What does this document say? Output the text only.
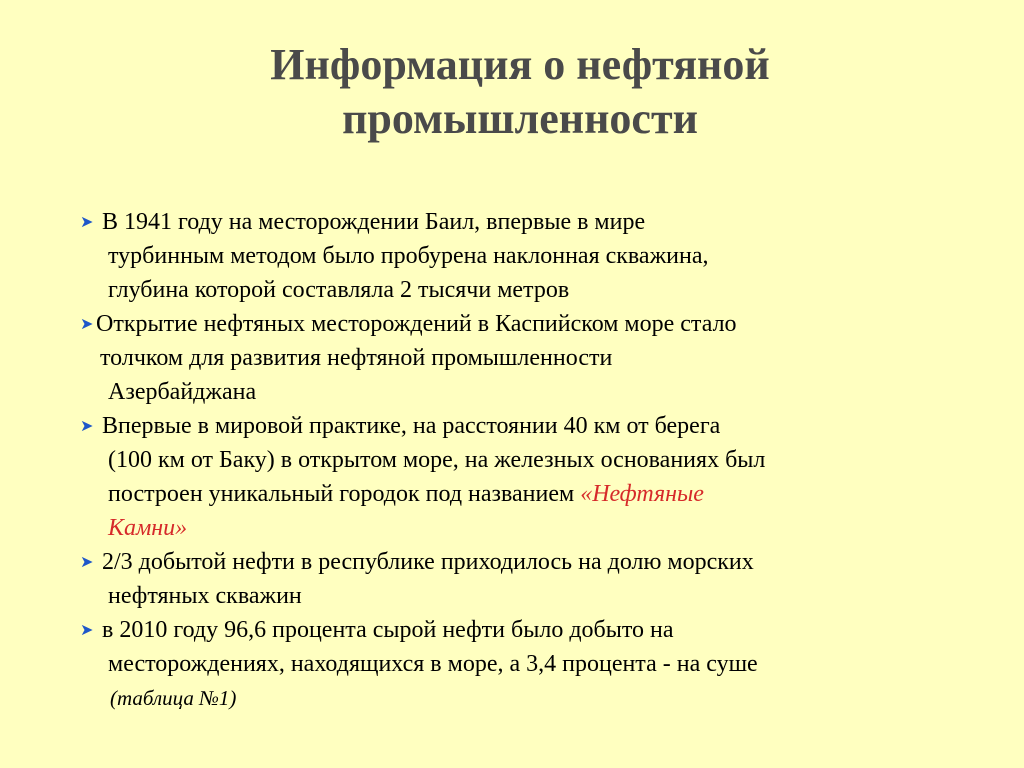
Информация о нефтяной
промышленности
➤ В 1941 году на месторождении Баил, впервые в мире
турбинным методом было пробурена наклонная скважина,
глубина которой составляла 2 тысячи метров
➤ Открытие нефтяных месторождений в Каспийском море стало
толчком для развития нефтяной промышленности
Азербайджана
➤ Впервые в мировой практике, на расстоянии 40 км от берега
(100 км от Баку) в открытом море, на железных основаниях был
построен уникальный городок под названием «Нефтяные
Камни»
➤ 2/3 добытой нефти в республике приходилось на долю морских
нефтяных скважин
➤ в 2010 году 96,6 процента сырой нефти было добыто на
месторождениях, находящихся в море, а 3,4 процента - на суше
(таблица №1)
